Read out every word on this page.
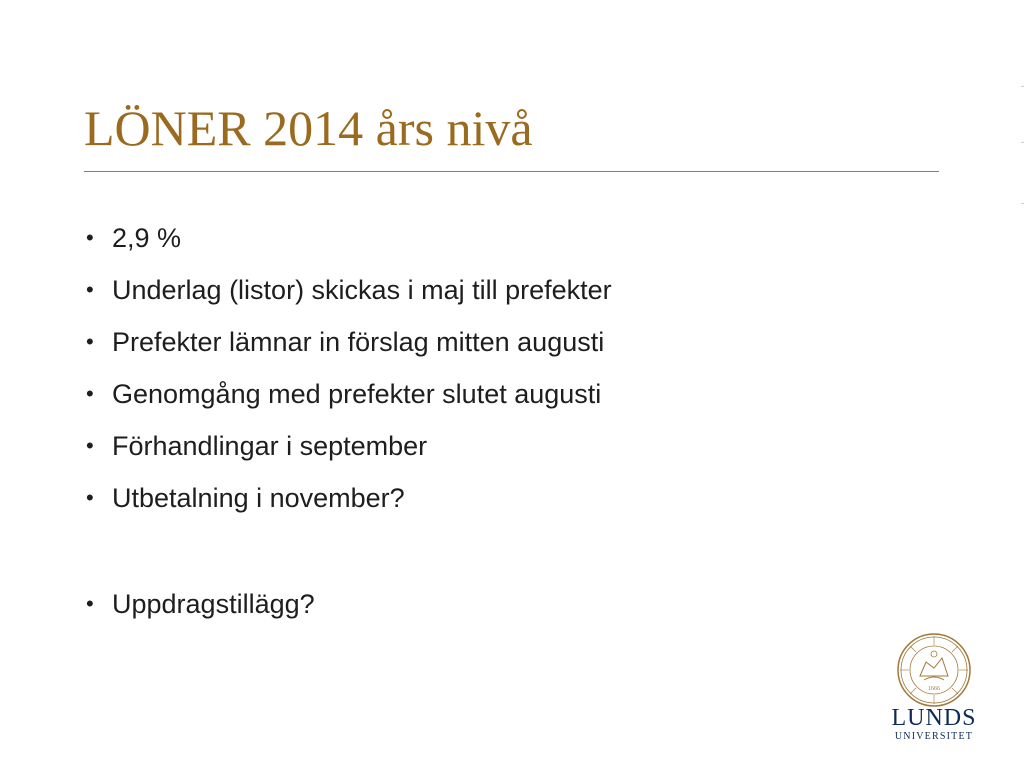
LÖNER 2014 års nivå
• 2,9 %
• Underlag (listor) skickas i maj till prefekter
• Prefekter lämnar in förslag mitten augusti
• Genomgång med prefekter slutet augusti
• Förhandlingar i september
• Utbetalning i november?
• Uppdragstillägg?
1666
LUNDS
UNIVERSITET
